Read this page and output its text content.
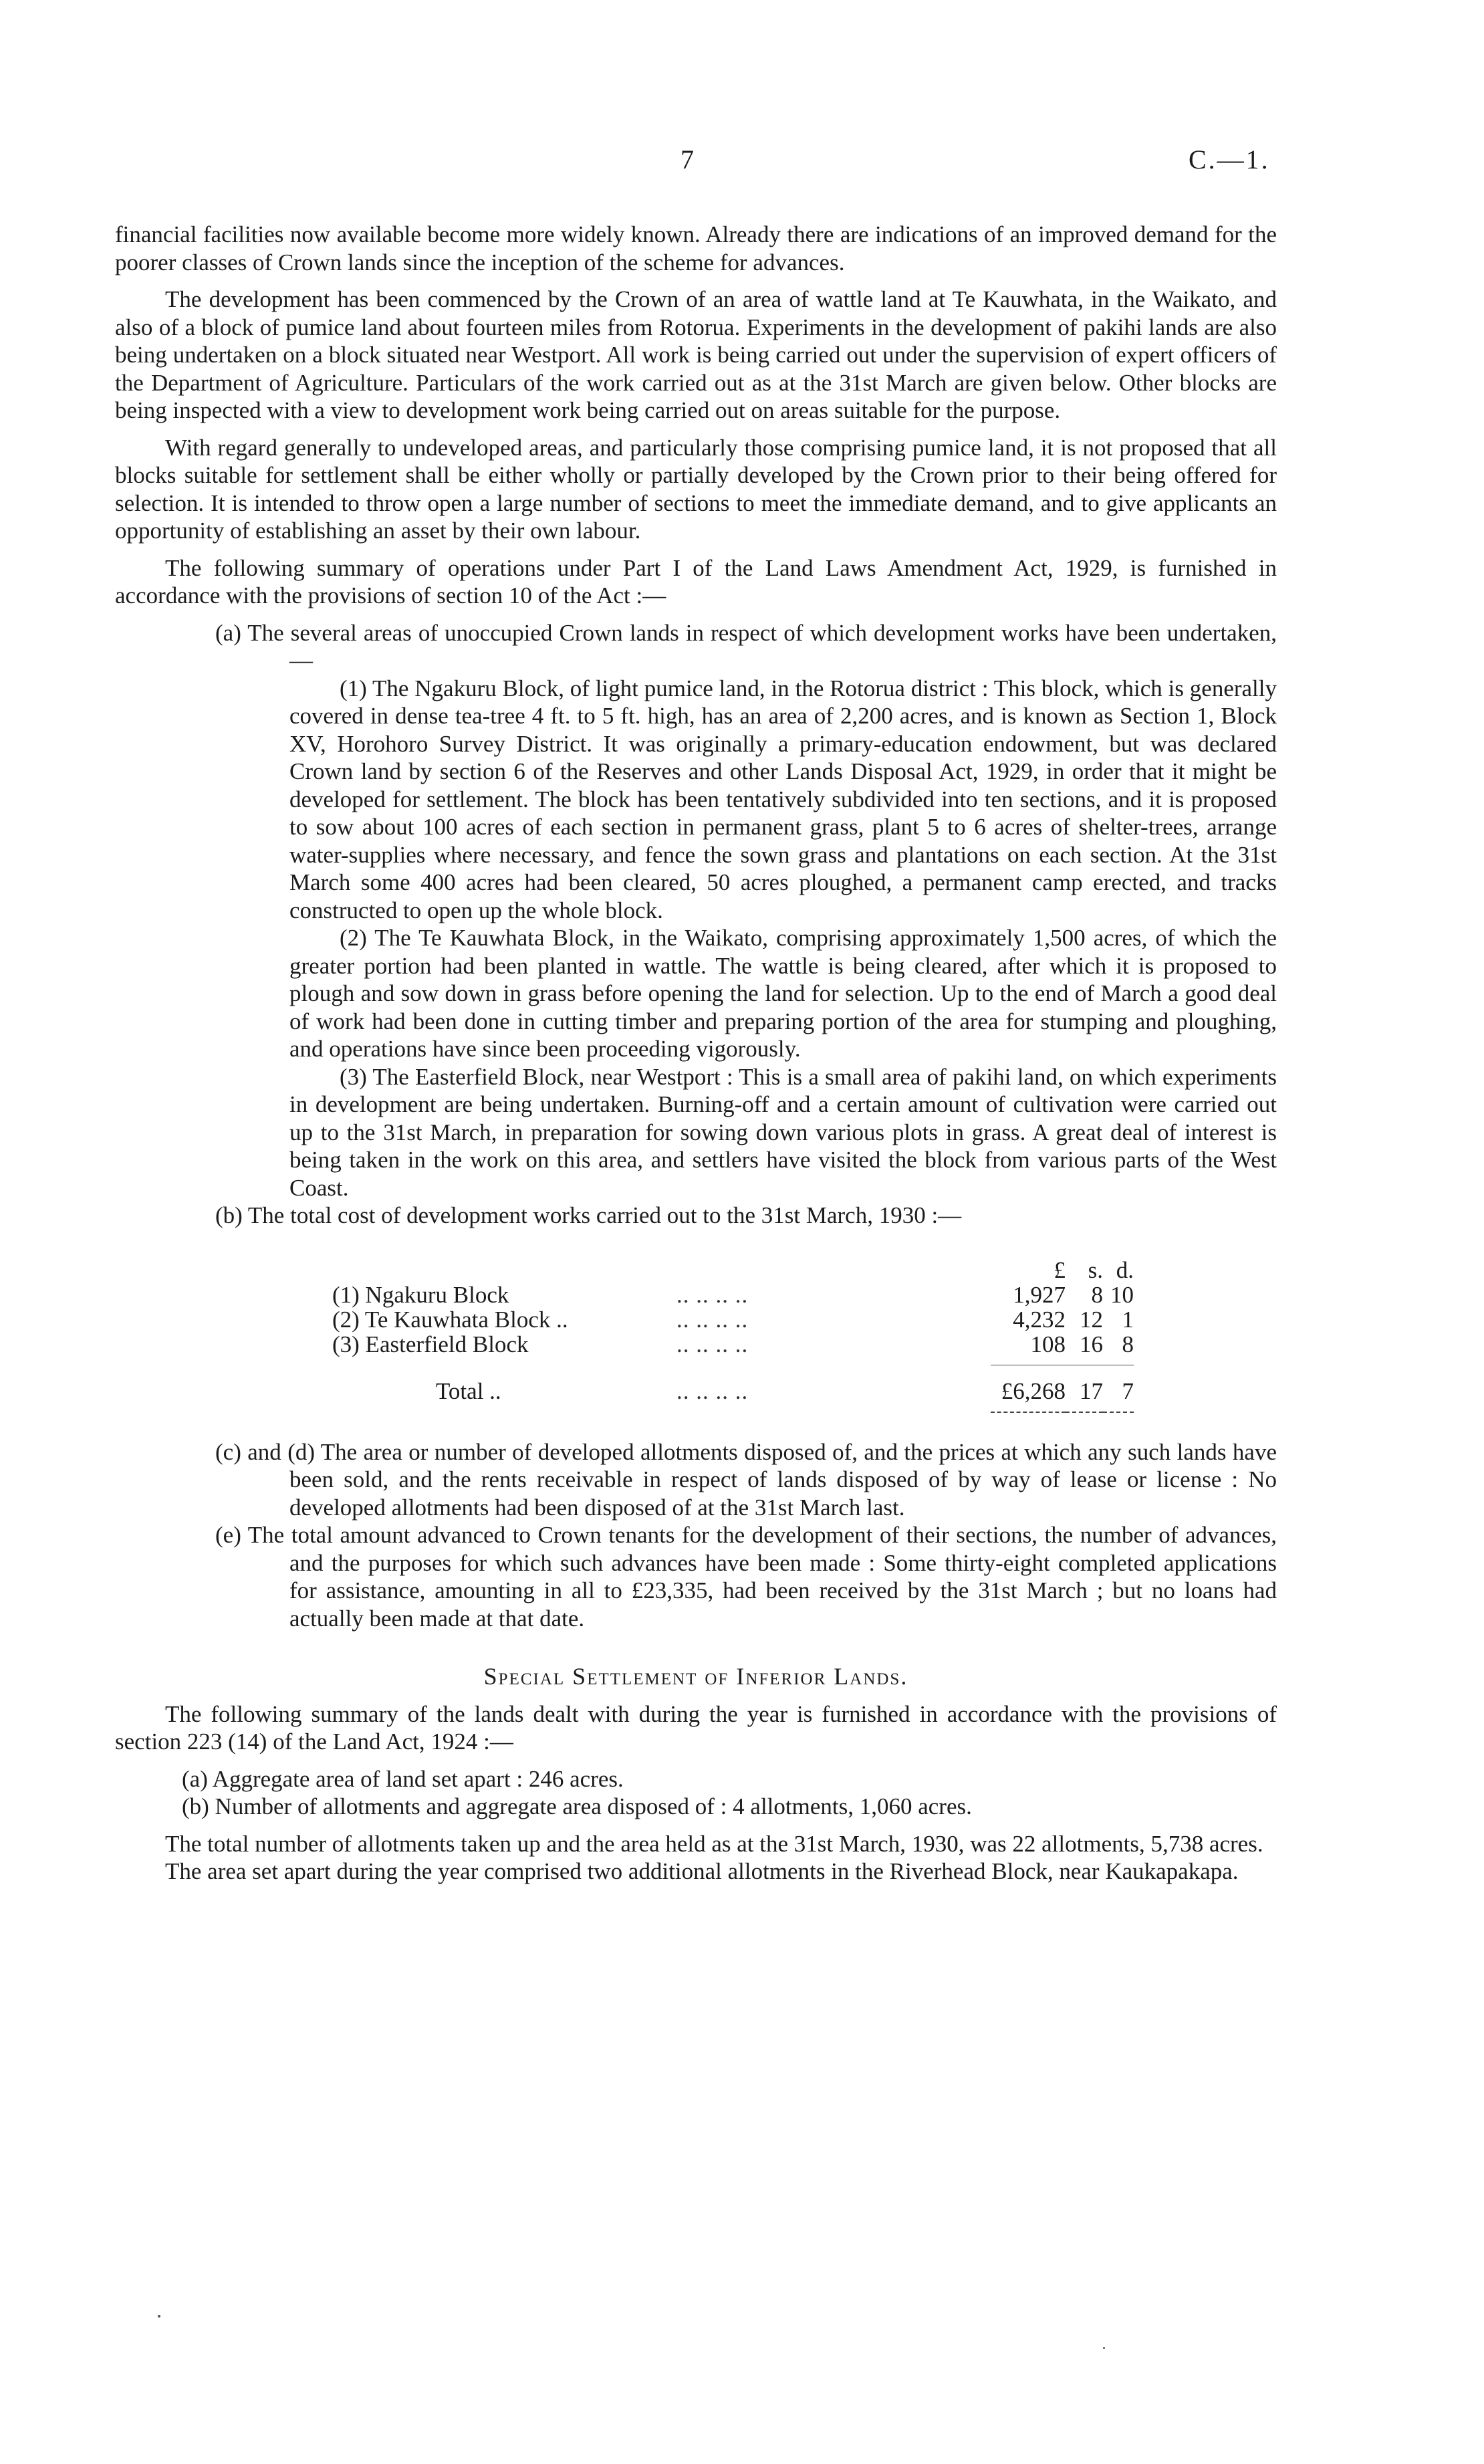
7	C.—1.

financial facilities now available become more widely known. Already there are indications of an improved demand for the poorer classes of Crown lands since the inception of the scheme for advances.

The development has been commenced by the Crown of an area of wattle land at Te Kauwhata, in the Waikato, and also of a block of pumice land about fourteen miles from Rotorua. Experiments in the development of pakihi lands are also being undertaken on a block situated near Westport. All work is being carried out under the supervision of expert officers of the Department of Agriculture. Particulars of the work carried out as at the 31st March are given below. Other blocks are being inspected with a view to development work being carried out on areas suitable for the purpose.

With regard generally to undeveloped areas, and particularly those comprising pumice land, it is not proposed that all blocks suitable for settlement shall be either wholly or partially developed by the Crown prior to their being offered for selection. It is intended to throw open a large number of sections to meet the immediate demand, and to give applicants an opportunity of establishing an asset by their own labour.

The following summary of operations under Part I of the Land Laws Amendment Act, 1929, is furnished in accordance with the provisions of section 10 of the Act :—

(a) The several areas of unoccupied Crown lands in respect of which development works have been undertaken,—

(1) The Ngakuru Block, of light pumice land, in the Rotorua district : This block, which is generally covered in dense tea-tree 4 ft. to 5 ft. high, has an area of 2,200 acres, and is known as Section 1, Block XV, Horohoro Survey District. It was originally a primary-education endowment, but was declared Crown land by section 6 of the Reserves and other Lands Disposal Act, 1929, in order that it might be developed for settlement. The block has been tentatively subdivided into ten sections, and it is proposed to sow about 100 acres of each section in permanent grass, plant 5 to 6 acres of shelter-trees, arrange water-supplies where necessary, and fence the sown grass and plantations on each section. At the 31st March some 400 acres had been cleared, 50 acres ploughed, a permanent camp erected, and tracks constructed to open up the whole block.

(2) The Te Kauwhata Block, in the Waikato, comprising approximately 1,500 acres, of which the greater portion had been planted in wattle. The wattle is being cleared, after which it is proposed to plough and sow down in grass before opening the land for selection. Up to the end of March a good deal of work had been done in cutting timber and preparing portion of the area for stumping and ploughing, and operations have since been proceeding vigorously.

(3) The Easterfield Block, near Westport : This is a small area of pakihi land, on which experiments in development are being undertaken. Burning-off and a certain amount of cultivation were carried out up to the 31st March, in preparation for sowing down various plots in grass. A great deal of interest is being taken in the work on this area, and settlers have visited the block from various parts of the West Coast.

(b) The total cost of development works carried out to the 31st March, 1930 :—

		£	s.	d.
(1) Ngakuru Block	.. .. .. ..	1,927	8	10
(2) Te Kauwhata Block ..	.. .. .. ..	4,232	12	1
(3) Easterfield Block	.. .. .. ..	108	16	8

Total ..	.. .. .. ..	£6,268	17	7

(c) and (d) The area or number of developed allotments disposed of, and the prices at which any such lands have been sold, and the rents receivable in respect of lands disposed of by way of lease or license : No developed allotments had been disposed of at the 31st March last.

(e) The total amount advanced to Crown tenants for the development of their sections, the number of advances, and the purposes for which such advances have been made : Some thirty-eight completed applications for assistance, amounting in all to £23,335, had been received by the 31st March ; but no loans had actually been made at that date.

Special Settlement of Inferior Lands.

The following summary of the lands dealt with during the year is furnished in accordance with the provisions of section 223 (14) of the Land Act, 1924 :—

(a) Aggregate area of land set apart : 246 acres.

(b) Number of allotments and aggregate area disposed of : 4 allotments, 1,060 acres.

The total number of allotments taken up and the area held as at the 31st March, 1930, was 22 allotments, 5,738 acres.

The area set apart during the year comprised two additional allotments in the Riverhead Block, near Kaukapakapa.
